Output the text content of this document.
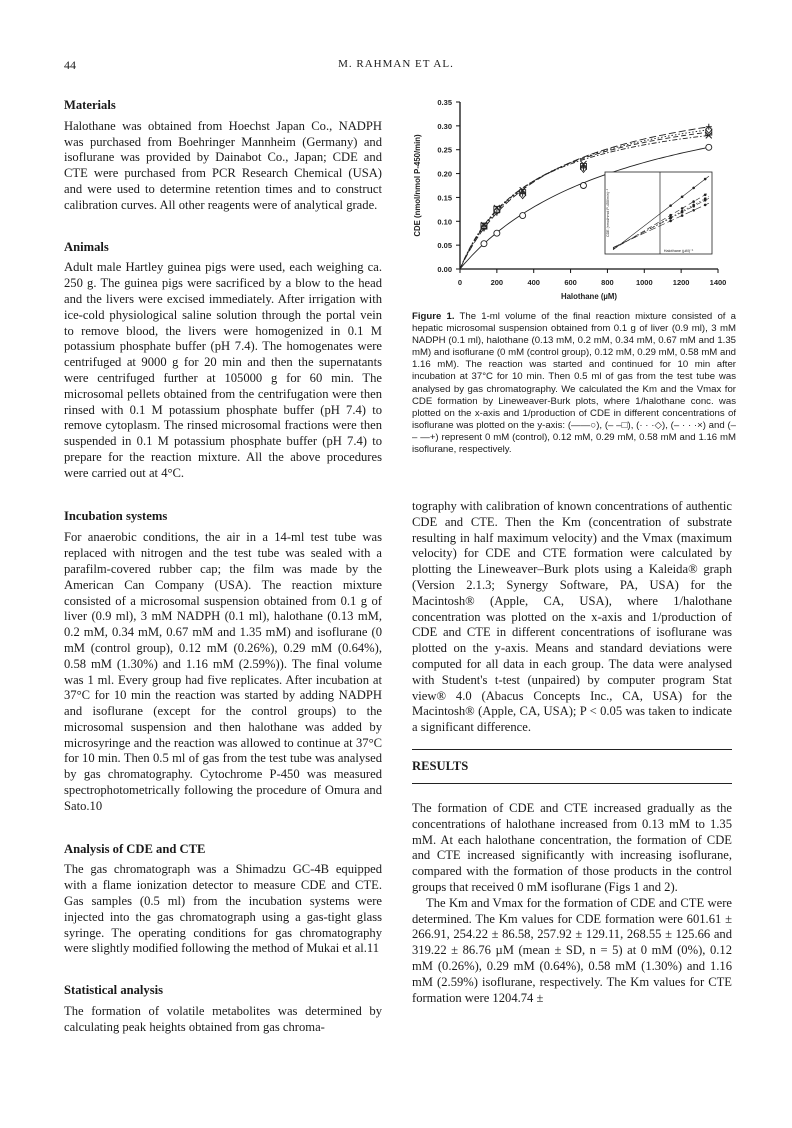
44	M. RAHMAN ET AL.

Materials

Halothane was obtained from Hoechst Japan Co., NADPH was purchased from Boehringer Mannheim (Germany) and isoflurane was provided by Dainabot Co., Japan; CDE and CTE were purchased from PCR Research Chemical (USA) and were used to determine retention times and to construct calibration curves. All other reagents were of analytical grade.

Animals

Adult male Hartley guinea pigs were used, each weighing ca. 250 g. The guinea pigs were sacrificed by a blow to the head and the livers were excised immediately. After irrigation with ice-cold physiological saline solution through the portal vein to remove blood, the livers were homogenized in 0.1 M potassium phosphate buffer (pH 7.4). The homogenates were centrifuged at 9000 g for 20 min and then the supernatants were centrifuged further at 105000 g for 60 min. The microsomal pellets obtained from the centrifugation were then rinsed with 0.1 M potassium phosphate buffer (pH 7.4) to remove cytoplasm. The rinsed microsomal fractions were then suspended in 0.1 M potassium phosphate buffer (pH 7.4) to prepare for the reaction mixture. All the above procedures were carried out at 4°C.

Incubation systems

For anaerobic conditions, the air in a 14-ml test tube was replaced with nitrogen and the test tube was sealed with a parafilm-covered rubber cap; the film was made by the American Can Company (USA). The reaction mixture consisted of a microsomal suspension obtained from 0.1 g of liver (0.9 ml), 3 mM NADPH (0.1 ml), halothane (0.13 mM, 0.2 mM, 0.34 mM, 0.67 mM and 1.35 mM) and isoflurane (0 mM (control group), 0.12 mM (0.26%), 0.29 mM (0.64%), 0.58 mM (1.30%) and 1.16 mM (2.59%)). The final volume was 1 ml. Every group had five replicates. After incubation at 37°C for 10 min the reaction was started by adding NADPH and isoflurane (except for the control groups) to the microsomal suspension and then halothane was added by microsyringe and the reaction was allowed to continue at 37°C for 10 min. Then 0.5 ml of gas from the test tube was analysed by gas chromatography. Cytochrome P-450 was measured spectrophotometrically following the procedure of Omura and Sato.10

Analysis of CDE and CTE

The gas chromatograph was a Shimadzu GC-4B equipped with a flame ionization detector to measure CDE and CTE. Gas samples (0.5 ml) from the incubation systems were injected into the gas chromatograph using a gas-tight glass syringe. The operating conditions for gas chromatography were slightly modified following the method of Mukai et al.11

Statistical analysis

The formation of volatile metabolites was determined by calculating peak heights obtained from gas chroma-

0	200	400	600	800	1000	1200	1400
0.00
0.05
0.10
0.15
0.20
0.25
0.30
0.35
Halothane (µM)
CDE (nmol/nmol P-450/min)	CDE (nmol/nmol P-450/min)⁻¹
Halothane (µM)⁻¹
Figure 1. The 1-ml volume of the final reaction mixture consisted of a hepatic microsomal suspension obtained from 0.1 g of liver (0.9 ml), 3 mM NADPH (0.1 ml), halothane (0.13 mM, 0.2 mM, 0.34 mM, 0.67 mM and 1.35 mM) and isoflurane (0 mM (control group), 0.12 mM, 0.29 mM, 0.58 mM and 1.16 mM). The reaction was started and continued for 10 min after incubation at 37°C for 10 min. Then 0.5 ml of gas from the test tube was analysed by gas chromatography. We calculated the Km and the Vmax for CDE formation by Lineweaver-Burk plots, where 1/halothane conc. was plotted on the x-axis and 1/production of CDE in different concentrations of isoflurane was plotted on the y-axis: (——○), (– –□), (· · ·◇), (– · · ·×) and (– – —+) represent 0 mM (control), 0.12 mM, 0.29 mM, 0.58 mM and 1.16 mM isoflurane, respectively.

tography with calibration of known concentrations of authentic CDE and CTE. Then the Km (concentration of substrate resulting in half maximum velocity) and the Vmax (maximum velocity) for CDE and CTE formation were calculated by plotting the Lineweaver–Burk plots using a Kaleida® graph (Version 2.1.3; Synergy Software, PA, USA) for the Macintosh® (Apple, CA, USA), where 1/halothane concentration was plotted on the x-axis and 1/production of CDE and CTE in different concentrations of isoflurane was plotted on the y-axis. Means and standard deviations were computed for all data in each group. The data were analysed with Student's t-test (unpaired) by computer program Stat view® 4.0 (Abacus Concepts Inc., CA, USA) for the Macintosh® (Apple, CA, USA); P < 0.05 was taken to indicate a significant difference.

RESULTS

The formation of CDE and CTE increased gradually as the concentrations of halothane increased from 0.13 mM to 1.35 mM. At each halothane concentration, the formation of CDE and CTE increased significantly with increasing isoflurane, compared with the formation of those products in the control groups that received 0 mM isoflurane (Figs 1 and 2).

The Km and Vmax for the formation of CDE and CTE were determined. The Km values for CDE formation were 601.61 ± 266.91, 254.22 ± 86.58, 257.92 ± 129.11, 268.55 ± 125.66 and 319.22 ± 86.76 µM (mean ± SD, n = 5) at 0 mM (0%), 0.12 mM (0.26%), 0.29 mM (0.64%), 0.58 mM (1.30%) and 1.16 mM (2.59%) isoflurane, respectively. The Km values for CTE formation were 1204.74 ±
